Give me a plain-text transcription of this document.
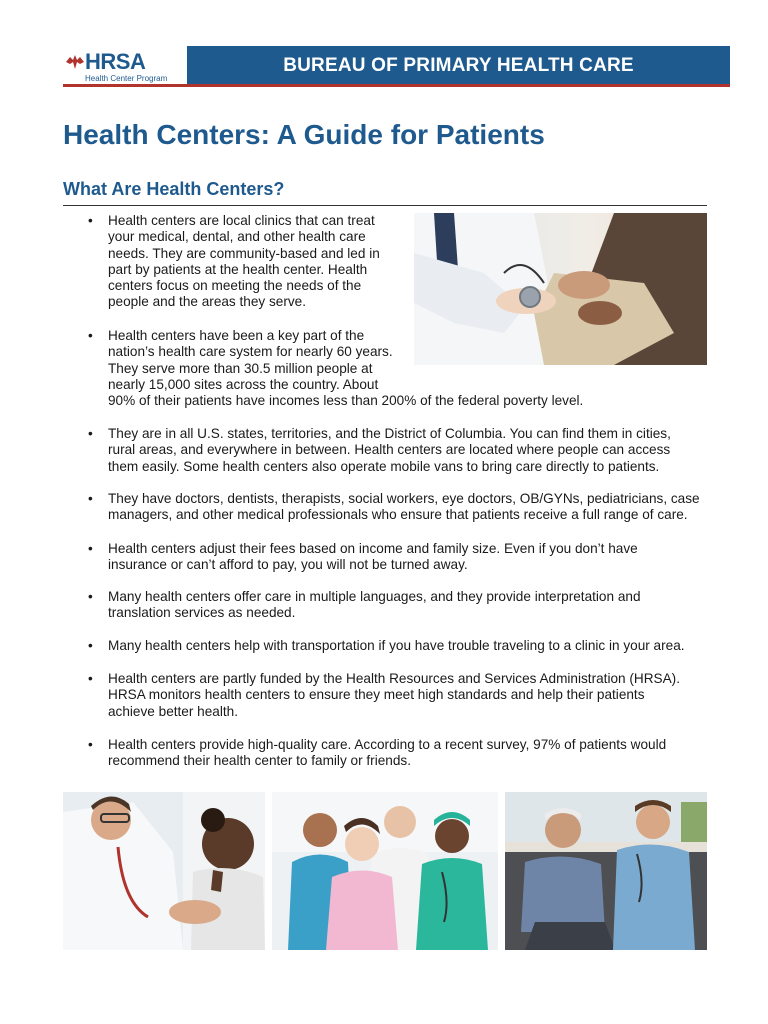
HRSA
Health Center Program
BUREAU OF PRIMARY HEALTH CARE
Health Centers: A Guide for Patients
What Are Health Centers?
•	Health centers are local clinics that can treat
your medical, dental, and other health care
needs. They are community-based and led in
part by patients at the health center. Health
centers focus on meeting the needs of the
people and the areas they serve.
•	Health centers have been a key part of the
nation’s health care system for nearly 60 years.
They serve more than 30.5 million people at
nearly 15,000 sites across the country. About
90% of their patients have incomes less than 200% of the federal poverty level.
•	They are in all U.S. states, territories, and the District of Columbia. You can find them in cities,
rural areas, and everywhere in between. Health centers are located where people can access
them easily. Some health centers also operate mobile vans to bring care directly to patients.
•	They have doctors, dentists, therapists, social workers, eye doctors, OB/GYNs, pediatricians, case
managers, and other medical professionals who ensure that patients receive a full range of care.
•	Health centers adjust their fees based on income and family size. Even if you don’t have
insurance or can’t afford to pay, you will not be turned away.
•	Many health centers offer care in multiple languages, and they provide interpretation and
translation services as needed.
•	Many health centers help with transportation if you have trouble traveling to a clinic in your area.
•	Health centers are partly funded by the Health Resources and Services Administration (HRSA).
HRSA monitors health centers to ensure they meet high standards and help their patients
achieve better health.
•	Health centers provide high-quality care. According to a recent survey, 97% of patients would
recommend their health center to family or friends.
